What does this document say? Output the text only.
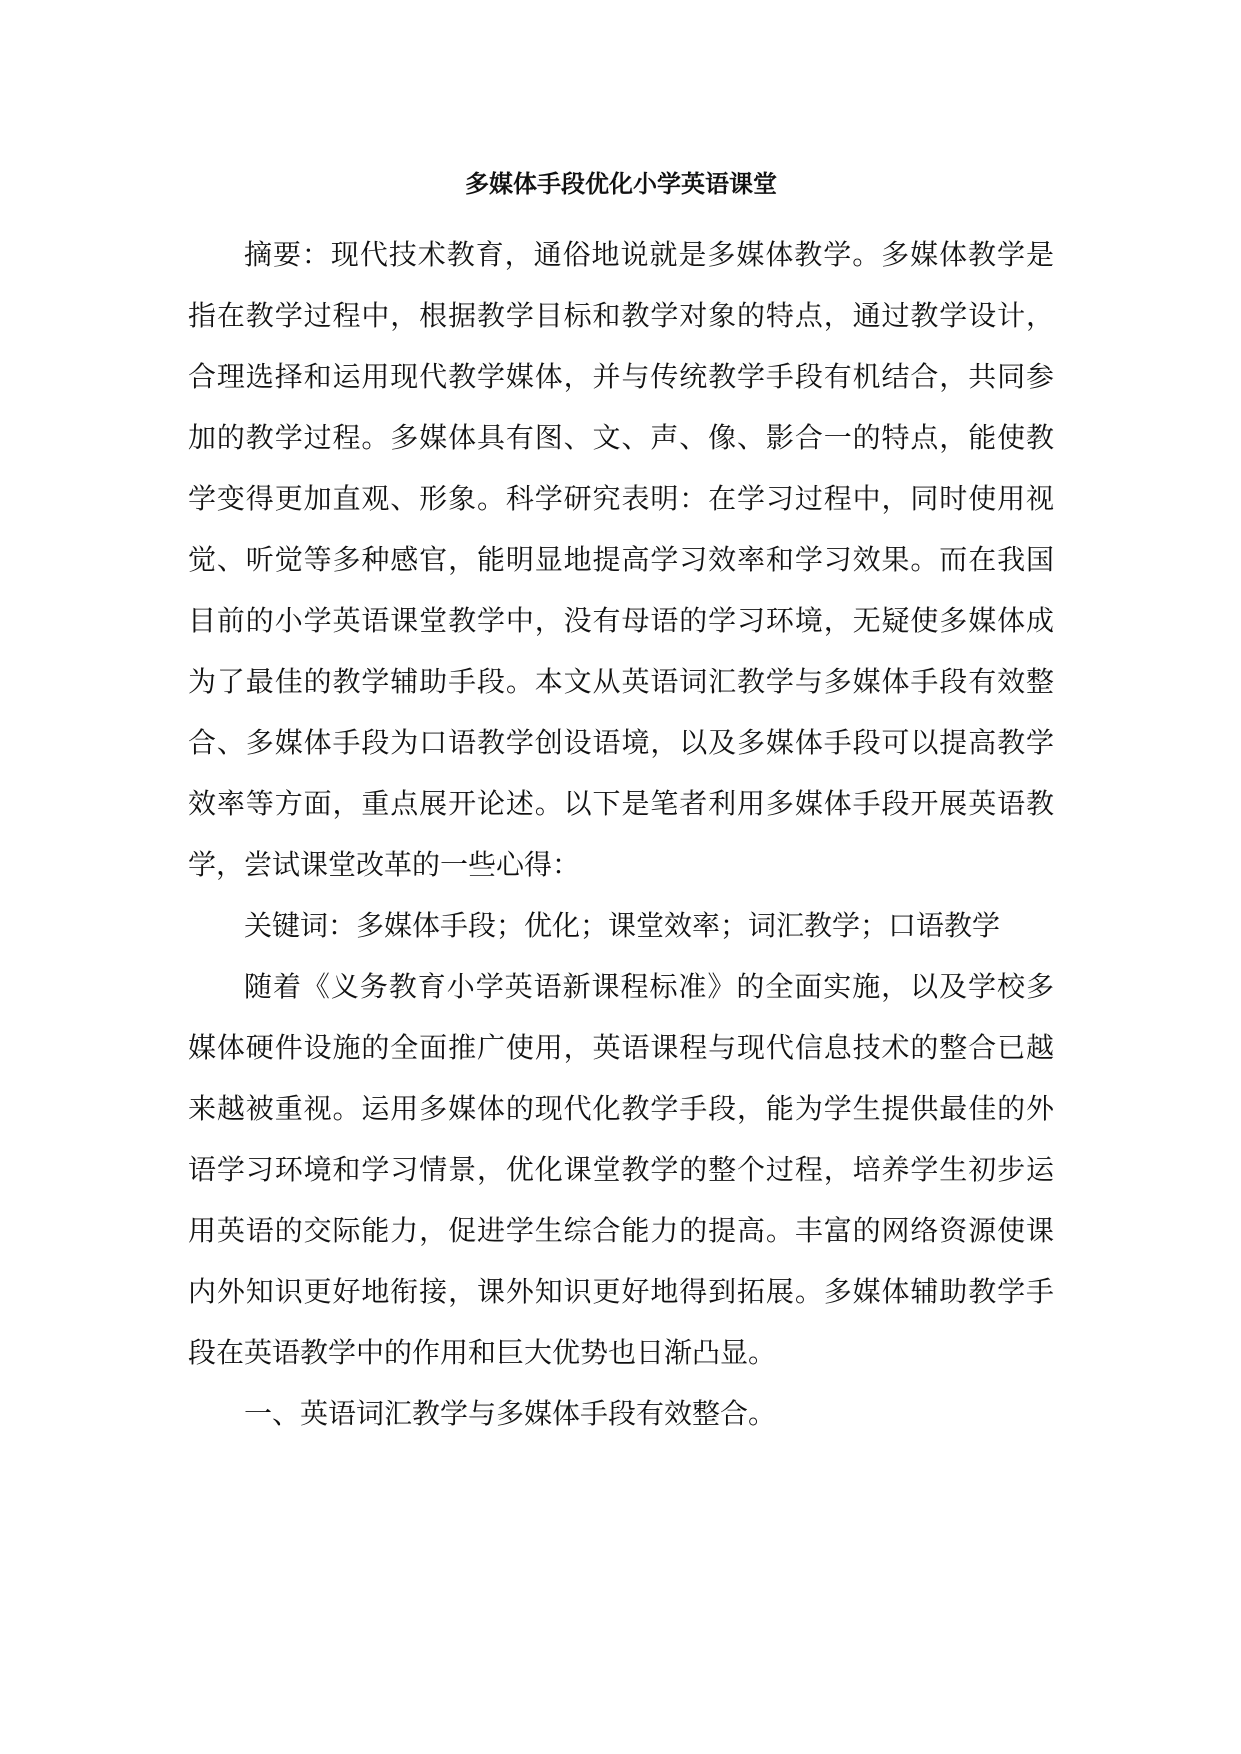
多媒体手段优化小学英语课堂

摘要：现代技术教育，通俗地说就是多媒体教学。多媒体教学是指在教学过程中，根据教学目标和教学对象的特点，通过教学设计，合理选择和运用现代教学媒体，并与传统教学手段有机结合，共同参加的教学过程。多媒体具有图、文、声、像、影合一的特点，能使教学变得更加直观、形象。科学研究表明：在学习过程中，同时使用视觉、听觉等多种感官，能明显地提高学习效率和学习效果。而在我国目前的小学英语课堂教学中，没有母语的学习环境，无疑使多媒体成为了最佳的教学辅助手段。本文从英语词汇教学与多媒体手段有效整合、多媒体手段为口语教学创设语境，以及多媒体手段可以提高教学效率等方面，重点展开论述。以下是笔者利用多媒体手段开展英语教学，尝试课堂改革的一些心得：

关键词：多媒体手段；优化；课堂效率；词汇教学；口语教学

随着《义务教育小学英语新课程标准》的全面实施，以及学校多媒体硬件设施的全面推广使用，英语课程与现代信息技术的整合已越来越被重视。运用多媒体的现代化教学手段，能为学生提供最佳的外语学习环境和学习情景，优化课堂教学的整个过程，培养学生初步运用英语的交际能力，促进学生综合能力的提高。丰富的网络资源使课内外知识更好地衔接，课外知识更好地得到拓展。多媒体辅助教学手段在英语教学中的作用和巨大优势也日渐凸显。

一、英语词汇教学与多媒体手段有效整合。
